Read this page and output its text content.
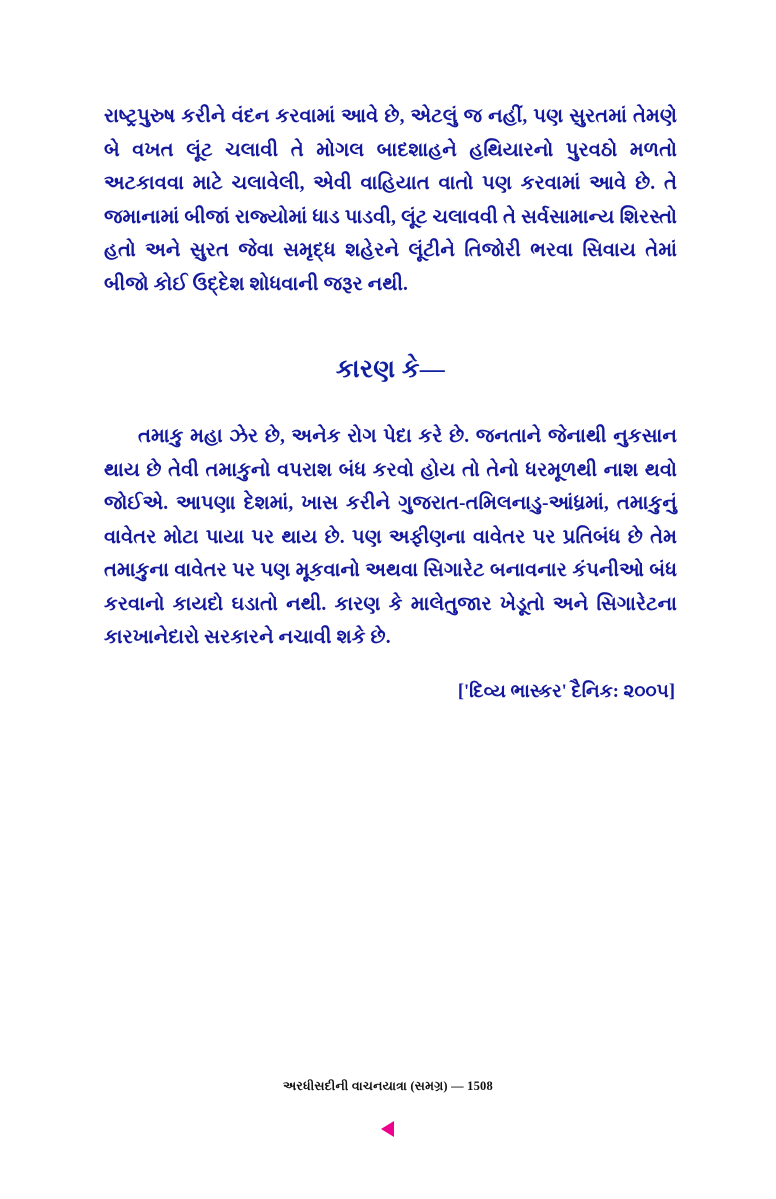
રાષ્ટ્રપુરુષ કરીને વંદન કરવામાં આવે છે, એટલું જ નહીં, પણ સુરતમાં તેમણે બે વખત લૂંટ ચલાવી તે મોગલ બાદશાહને હથિયારનો પુરવઠો મળતો અટકાવવા માટે ચલાવેલી, એવી વાહિયાત વાતો પણ કરવામાં આવે છે. તે જમાનામાં બીજાં રાજ્યોમાં ધાડ પાડવી, લૂંટ ચલાવવી તે સર્વસામાન્ય શિરસ્તો હતો અને સુરત જેવા સમૃદ્ધ શહેરને લૂંટીને તિજોરી ભરવા સિવાય તેમાં બીજો કોઈ ઉદ્દેશ શોધવાની જરૂર નથી.

કારણ કે—

તમાકુ મહા ઝેર છે, અનેક રોગ પેદા કરે છે. જનતાને જેનાથી નુકસાન થાય છે તેવી તમાકુનો વપરાશ બંધ કરવો હોય તો તેનો ધરમૂળથી નાશ થવો જોઈએ. આપણા દેશમાં, ખાસ કરીને ગુજરાત-તમિલનાડુ-આંધ્રમાં, તમાકુનું વાવેતર મોટા પાયા પર થાય છે. પણ અફીણના વાવેતર પર પ્રતિબંધ છે તેમ તમાકુના વાવેતર પર પણ મૂકવાનો અથવા સિગારેટ બનાવનાર કંપનીઓ બંધ કરવાનો કાયદો ઘડાતો નથી. કારણ કે માલેતુજાર ખેડૂતો અને સિગારેટના કારખાનેદારો સરકારને નચાવી શકે છે.

['દિવ્ય ભાસ્કર' દૈનિક: ૨૦૦૫]
અરધીસદીની વાચનયાત્રા (સમગ્ર) — 1508
